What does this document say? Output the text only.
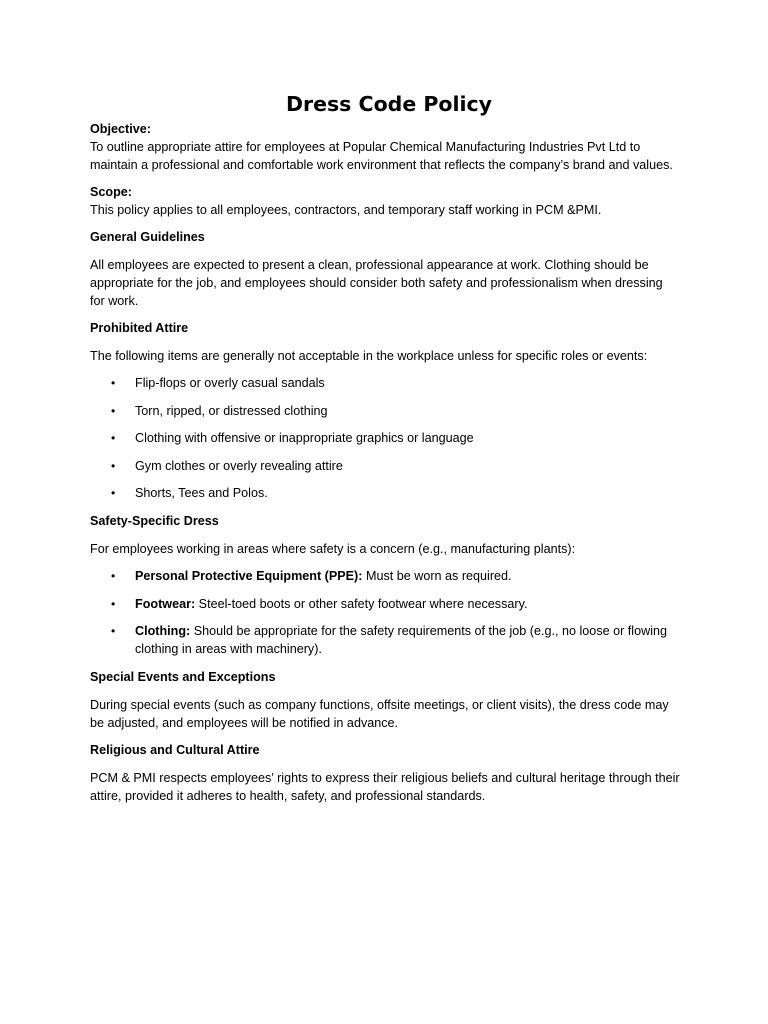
Dress Code Policy

Objective:

To outline appropriate attire for employees at Popular Chemical Manufacturing Industries Pvt Ltd to maintain a professional and comfortable work environment that reflects the company’s brand and values.

Scope:

This policy applies to all employees, contractors, and temporary staff working in PCM &PMI.

General Guidelines

All employees are expected to present a clean, professional appearance at work. Clothing should be appropriate for the job, and employees should consider both safety and professionalism when dressing for work.

Prohibited Attire

The following items are generally not acceptable in the workplace unless for specific roles or events:

• Flip-flops or overly casual sandals
• Torn, ripped, or distressed clothing
• Clothing with offensive or inappropriate graphics or language
• Gym clothes or overly revealing attire
• Shorts, Tees and Polos.

Safety-Specific Dress

For employees working in areas where safety is a concern (e.g., manufacturing plants):

• Personal Protective Equipment (PPE): Must be worn as required.
• Footwear: Steel-toed boots or other safety footwear where necessary.
• Clothing: Should be appropriate for the safety requirements of the job (e.g., no loose or flowing clothing in areas with machinery).

Special Events and Exceptions

During special events (such as company functions, offsite meetings, or client visits), the dress code may be adjusted, and employees will be notified in advance.

Religious and Cultural Attire

PCM & PMI respects employees’ rights to express their religious beliefs and cultural heritage through their attire, provided it adheres to health, safety, and professional standards.
